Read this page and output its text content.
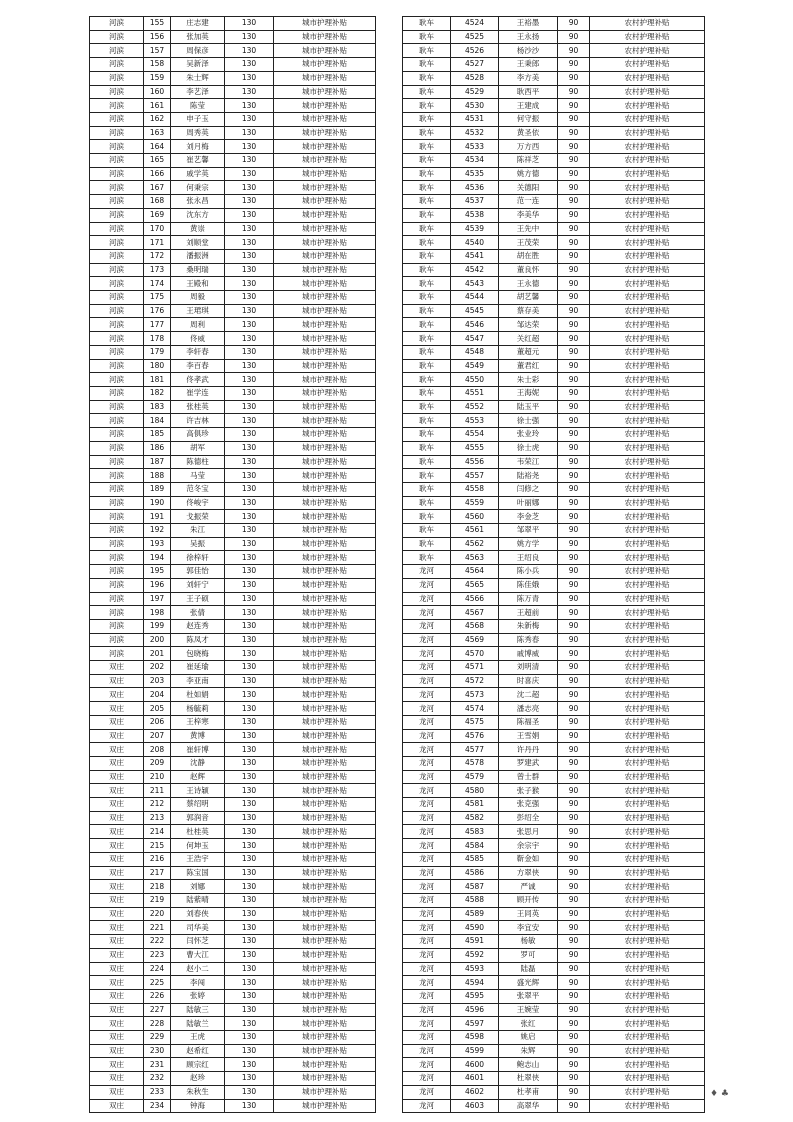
河滨	155	庄志建	130	城市护理补贴
河滨	156	张加英	130	城市护理补贴
河滨	157	周保彦	130	城市护理补贴
河滨	158	吴新泽	130	城市护理补贴
河滨	159	朱士辉	130	城市护理补贴
河滨	160	李艺泽	130	城市护理补贴
河滨	161	陈莹	130	城市护理补贴
河滨	162	申子玉	130	城市护理补贴
河滨	163	周秀英	130	城市护理补贴
河滨	164	刘月梅	130	城市护理补贴
河滨	165	崔艺馨	130	城市护理补贴
河滨	166	戚学英	130	城市护理补贴
河滨	167	何秉宗	130	城市护理补贴
河滨	168	张永昌	130	城市护理补贴
河滨	169	沈东方	130	城市护理补贴
河滨	170	黄崇	130	城市护理补贴
河滨	171	刘顺堂	130	城市护理补贴
河滨	172	潘振洲	130	城市护理补贴
河滨	173	桑明瑞	130	城市护理补贴
河滨	174	王殿和	130	城市护理补贴
河滨	175	周毅	130	城市护理补贴
河滨	176	王珺琪	130	城市护理补贴
河滨	177	周利	130	城市护理补贴
河滨	178	佟威	130	城市护理补贴
河滨	179	李轩春	130	城市护理补贴
河滨	180	李百春	130	城市护理补贴
河滨	181	佟孝武	130	城市护理补贴
河滨	182	崔学连	130	城市护理补贴
河滨	183	张桂英	130	城市护理补贴
河滨	184	许吉林	130	城市护理补贴
河滨	185	高俱珍	130	城市护理补贴
河滨	186	胡军	130	城市护理补贴
河滨	187	陈德柱	130	城市护理补贴
河滨	188	马莹	130	城市护理补贴
河滨	189	范冬宝	130	城市护理补贴
河滨	190	佟峻宇	130	城市护理补贴
河滨	191	戈振荣	130	城市护理补贴
河滨	192	朱江	130	城市护理补贴
河滨	193	吴振	130	城市护理补贴
河滨	194	徐梓轩	130	城市护理补贴
河滨	195	郭佳怡	130	城市护理补贴
河滨	196	刘轩宁	130	城市护理补贴
河滨	197	王子硕	130	城市护理补贴
河滨	198	张倩	130	城市护理补贴
河滨	199	赵连秀	130	城市护理补贴
河滨	200	陈凤才	130	城市护理补贴
河滨	201	包晓梅	130	城市护理补贴
双庄	202	崔延瑜	130	城市护理补贴
双庄	203	李亚南	130	城市护理补贴
双庄	204	杜如娟	130	城市护理补贴
双庄	205	杨毓莉	130	城市护理补贴
双庄	206	王梓寒	130	城市护理补贴
双庄	207	黄博	130	城市护理补贴
双庄	208	崔轩博	130	城市护理补贴
双庄	209	沈静	130	城市护理补贴
双庄	210	赵辉	130	城市护理补贴
双庄	211	王诗颖	130	城市护理补贴
双庄	212	蔡绍明	130	城市护理补贴
双庄	213	郭润音	130	城市护理补贴
双庄	214	杜桂英	130	城市护理补贴
双庄	215	何坤玉	130	城市护理补贴
双庄	216	王浩宇	130	城市护理补贴
双庄	217	陈宝国	130	城市护理补贴
双庄	218	刘娜	130	城市护理补贴
双庄	219	陆紫晴	130	城市护理补贴
双庄	220	刘春侠	130	城市护理补贴
双庄	221	司华美	130	城市护理补贴
双庄	222	闫怀芝	130	城市护理补贴
双庄	223	曹大江	130	城市护理补贴
双庄	224	赵小二	130	城市护理补贴
双庄	225	李闯	130	城市护理补贴
双庄	226	张婷	130	城市护理补贴
双庄	227	陆敏三	130	城市护理补贴
双庄	228	陆敏兰	130	城市护理补贴
双庄	229	王虎	130	城市护理补贴
双庄	230	赵希红	130	城市护理补贴
双庄	231	顾宗红	130	城市护理补贴
双庄	232	赵珍	130	城市护理补贴
双庄	233	朱秋生	130	城市护理补贴
双庄	234	钟海	130	城市护理补贴
耿车	4524	王裕墨	90	农村护理补贴
耿车	4525	王永扬	90	农村护理补贴
耿车	4526	杨沙沙	90	农村护理补贴
耿车	4527	王秉郎	90	农村护理补贴
耿车	4528	李方美	90	农村护理补贴
耿车	4529	耿西平	90	农村护理补贴
耿车	4530	王建成	90	农村护理补贴
耿车	4531	何守振	90	农村护理补贴
耿车	4532	黄圣依	90	农村护理补贴
耿车	4533	万方西	90	农村护理补贴
耿车	4534	陈祥芝	90	农村护理补贴
耿车	4535	姚方德	90	农村护理补贴
耿车	4536	关德阳	90	农村护理补贴
耿车	4537	范一连	90	农村护理补贴
耿车	4538	李美华	90	农村护理补贴
耿车	4539	王先中	90	农村护理补贴
耿车	4540	王茂荣	90	农村护理补贴
耿车	4541	胡在胜	90	农村护理补贴
耿车	4542	董良怀	90	农村护理补贴
耿车	4543	王永德	90	农村护理补贴
耿车	4544	胡艺馨	90	农村护理补贴
耿车	4545	蔡存美	90	农村护理补贴
耿车	4546	邹达荣	90	农村护理补贴
耿车	4547	关红超	90	农村护理补贴
耿车	4548	董超元	90	农村护理补贴
耿车	4549	董君红	90	农村护理补贴
耿车	4550	朱士彩	90	农村护理补贴
耿车	4551	王海妮	90	农村护理补贴
耿车	4552	陆玉平	90	农村护理补贴
耿车	4553	徐士强	90	农村护理补贴
耿车	4554	张业玲	90	农村护理补贴
耿车	4555	徐士虎	90	农村护理补贴
耿车	4556	韦荣江	90	农村护理补贴
耿车	4557	陆裕尧	90	农村护理补贴
耿车	4558	闫修之	90	农村护理补贴
耿车	4559	叶丽娜	90	农村护理补贴
耿车	4560	李金芝	90	农村护理补贴
耿车	4561	邹翠平	90	农村护理补贴
耿车	4562	姚方学	90	农村护理补贴
耿车	4563	王绍良	90	农村护理补贴
龙河	4564	陈小兵	90	农村护理补贴
龙河	4565	陈佳娥	90	农村护理补贴
龙河	4566	陈万青	90	农村护理补贴
龙河	4567	王超前	90	农村护理补贴
龙河	4568	朱新梅	90	农村护理补贴
龙河	4569	陈秀春	90	农村护理补贴
龙河	4570	戚博威	90	农村护理补贴
龙河	4571	刘明清	90	农村护理补贴
龙河	4572	时喜庆	90	农村护理补贴
龙河	4573	沈二超	90	农村护理补贴
龙河	4574	潘志亮	90	农村护理补贴
龙河	4575	陈福圣	90	农村护理补贴
龙河	4576	王雪娟	90	农村护理补贴
龙河	4577	许丹丹	90	农村护理补贴
龙河	4578	罗建武	90	农村护理补贴
龙河	4579	曾士群	90	农村护理补贴
龙河	4580	张子猴	90	农村护理补贴
龙河	4581	张克强	90	农村护理补贴
龙河	4582	彭绍全	90	农村护理补贴
龙河	4583	张思月	90	农村护理补贴
龙河	4584	余宗宇	90	农村护理补贴
龙河	4585	靳金如	90	农村护理补贴
龙河	4586	方翠侠	90	农村护理补贴
龙河	4587	严诚	90	农村护理补贴
龙河	4588	顾开传	90	农村护理补贴
龙河	4589	王同英	90	农村护理补贴
龙河	4590	李宜安	90	农村护理补贴
龙河	4591	杨敏	90	农村护理补贴
龙河	4592	罗可	90	农村护理补贴
龙河	4593	陆磊	90	农村护理补贴
龙河	4594	盛光辉	90	农村护理补贴
龙河	4595	张翠平	90	农村护理补贴
龙河	4596	王婉莹	90	农村护理补贴
龙河	4597	张红	90	农村护理补贴
龙河	4598	姚启	90	农村护理补贴
龙河	4599	朱辉	90	农村护理补贴
龙河	4600	鲍志山	90	农村护理补贴
龙河	4601	杜翠侠	90	农村护理补贴
龙河	4602	杜孝甫	90	农村护理补贴
龙河	4603	高翠华	90	农村护理补贴
♦ ♣
